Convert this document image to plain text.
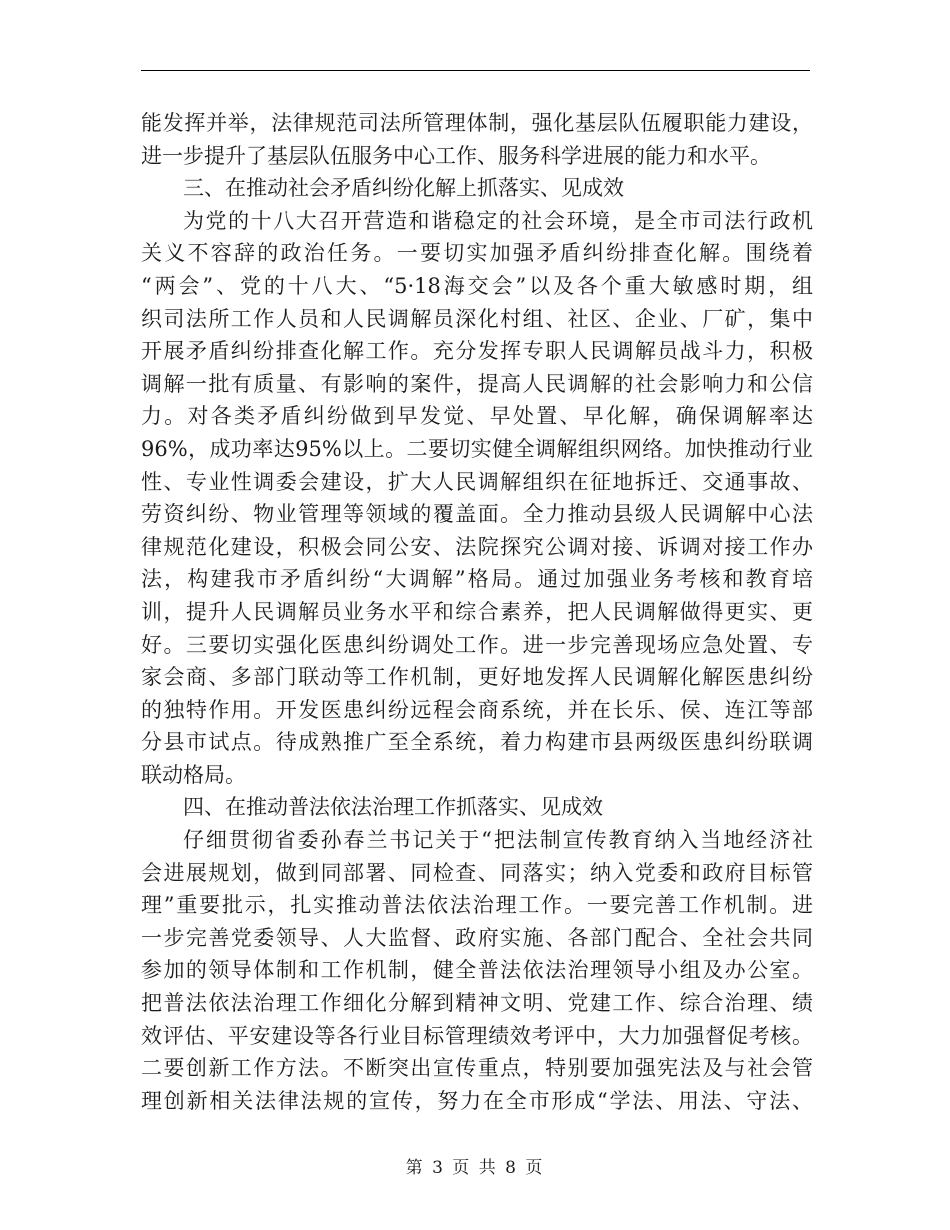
能发挥并举，法律规范司法所管理体制，强化基层队伍履职能力建设，
进一步提升了基层队伍服务中心工作、服务科学进展的能力和水平。
三、在推动社会矛盾纠纷化解上抓落实、见成效
为党的十八大召开营造和谐稳定的社会环境，是全市司法行政机
关义不容辞的政治任务。一要切实加强矛盾纠纷排查化解。围绕着
“两会”、党的十八大、“5·18海交会”以及各个重大敏感时期，组
织司法所工作人员和人民调解员深化村组、社区、企业、厂矿，集中
开展矛盾纠纷排查化解工作。充分发挥专职人民调解员战斗力，积极
调解一批有质量、有影响的案件，提高人民调解的社会影响力和公信
力。对各类矛盾纠纷做到早发觉、早处置、早化解，确保调解率达
96%，成功率达95%以上。二要切实健全调解组织网络。加快推动行业
性、专业性调委会建设，扩大人民调解组织在征地拆迁、交通事故、
劳资纠纷、物业管理等领域的覆盖面。全力推动县级人民调解中心法
律规范化建设，积极会同公安、法院探究公调对接、诉调对接工作办
法，构建我市矛盾纠纷“大调解”格局。通过加强业务考核和教育培
训，提升人民调解员业务水平和综合素养，把人民调解做得更实、更
好。三要切实强化医患纠纷调处工作。进一步完善现场应急处置、专
家会商、多部门联动等工作机制，更好地发挥人民调解化解医患纠纷
的独特作用。开发医患纠纷远程会商系统，并在长乐、侯、连江等部
分县市试点。待成熟推广至全系统，着力构建市县两级医患纠纷联调
联动格局。
四、在推动普法依法治理工作抓落实、见成效
仔细贯彻省委孙春兰书记关于“把法制宣传教育纳入当地经济社
会进展规划，做到同部署、同检查、同落实；纳入党委和政府目标管
理”重要批示，扎实推动普法依法治理工作。一要完善工作机制。进
一步完善党委领导、人大监督、政府实施、各部门配合、全社会共同
参加的领导体制和工作机制，健全普法依法治理领导小组及办公室。
把普法依法治理工作细化分解到精神文明、党建工作、综合治理、绩
效评估、平安建设等各行业目标管理绩效考评中，大力加强督促考核。
二要创新工作方法。不断突出宣传重点，特别要加强宪法及与社会管
理创新相关法律法规的宣传，努力在全市形成“学法、用法、守法、
第 3 页 共 8 页
